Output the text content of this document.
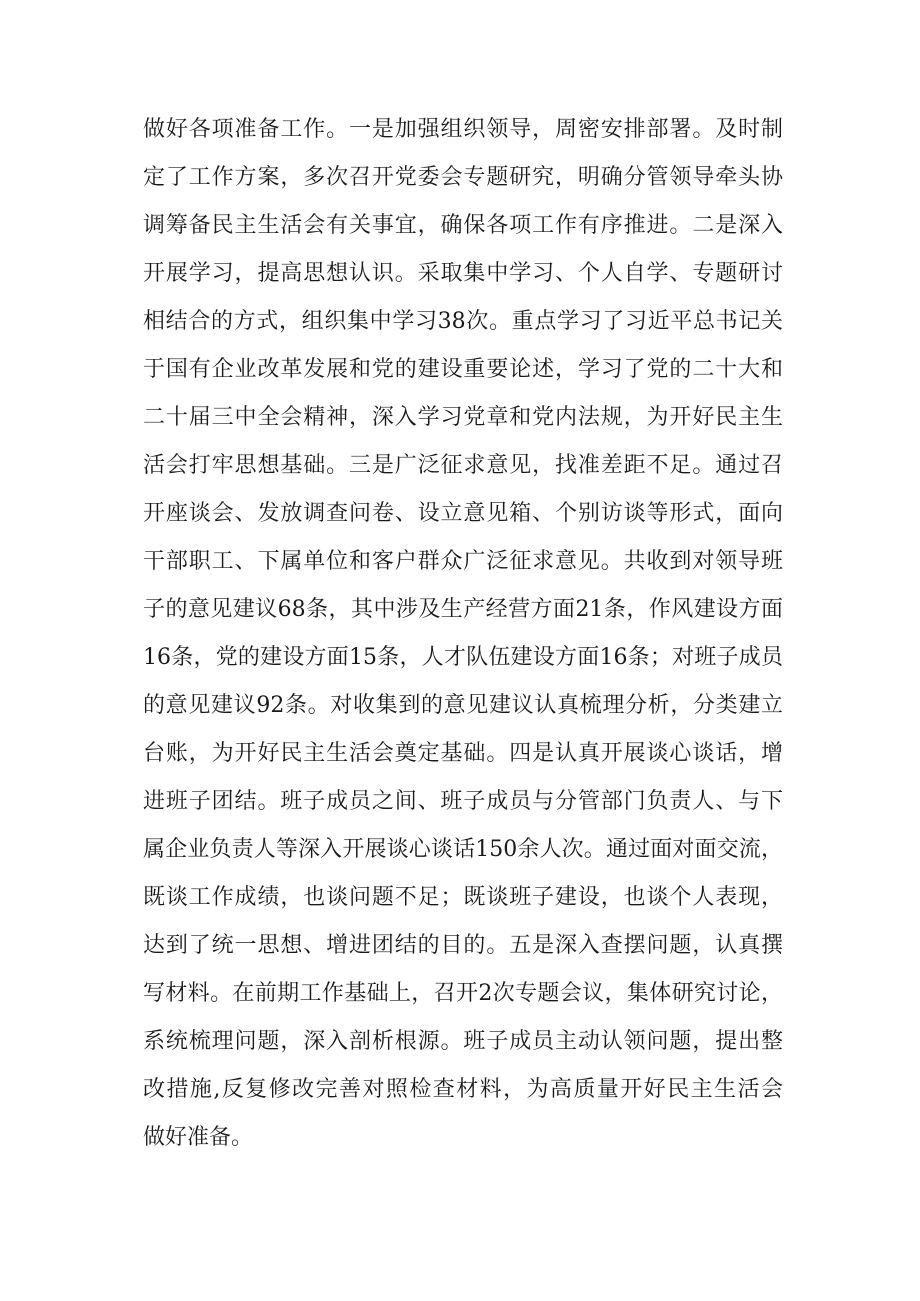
做好各项准备工作。一是加强组织领导，周密安排部署。及时制
定了工作方案，多次召开党委会专题研究，明确分管领导牵头协
调筹备民主生活会有关事宜，确保各项工作有序推进。二是深入
开展学习，提高思想认识。采取集中学习、个人自学、专题研讨
相结合的方式，组织集中学习38次。重点学习了习近平总书记关
于国有企业改革发展和党的建设重要论述，学习了党的二十大和
二十届三中全会精神，深入学习党章和党内法规，为开好民主生
活会打牢思想基础。三是广泛征求意见，找准差距不足。通过召
开座谈会、发放调查问卷、设立意见箱、个别访谈等形式，面向
干部职工、下属单位和客户群众广泛征求意见。共收到对领导班
子的意见建议68条，其中涉及生产经营方面21条，作风建设方面
16条，党的建设方面15条，人才队伍建设方面16条；对班子成员
的意见建议92条。对收集到的意见建议认真梳理分析，分类建立
台账，为开好民主生活会奠定基础。四是认真开展谈心谈话，增
进班子团结。班子成员之间、班子成员与分管部门负责人、与下
属企业负责人等深入开展谈心谈话150余人次。通过面对面交流，
既谈工作成绩，也谈问题不足；既谈班子建设，也谈个人表现，
达到了统一思想、增进团结的目的。五是深入查摆问题，认真撰
写材料。在前期工作基础上，召开2次专题会议，集体研究讨论，
系统梳理问题，深入剖析根源。班子成员主动认领问题，提出整
改措施,反复修改完善对照检查材料，为高质量开好民主生活会
做好准备。
